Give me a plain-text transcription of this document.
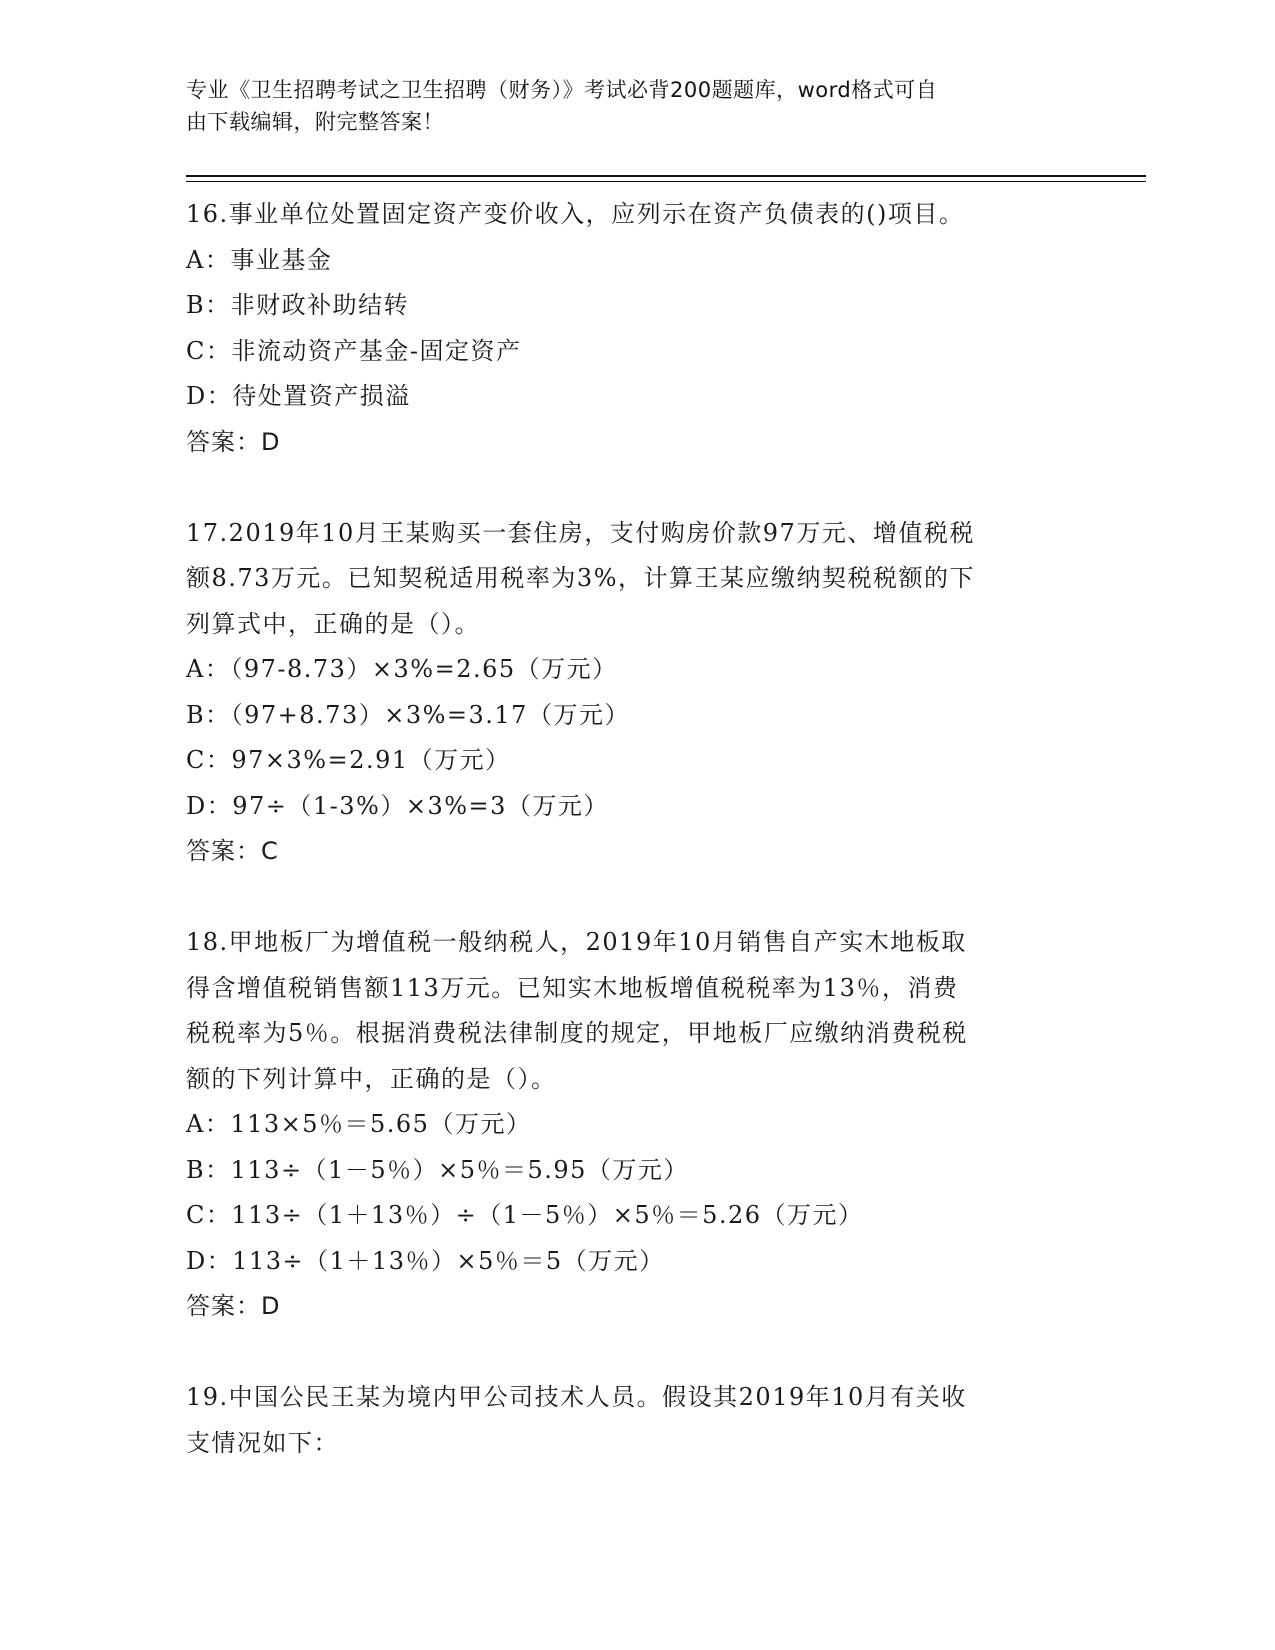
专业《卫生招聘考试之卫生招聘（财务）》考试必背200题题库，word格式可自
由下载编辑，附完整答案！
16.事业单位处置固定资产变价收入，应列示在资产负债表的()项目。
A：事业基金
B：非财政补助结转
C：非流动资产基金-固定资产
D：待处置资产损溢
答案：D
17.2019年10月王某购买一套住房，支付购房价款97万元、增值税税
额8.73万元。已知契税适用税率为3%，计算王某应缴纳契税税额的下
列算式中，正确的是（）。
A：（97-8.73）×3%=2.65（万元）
B：（97+8.73）×3%=3.17（万元）
C：97×3%=2.91（万元）
D：97÷（1-3%）×3%=3（万元）
答案：C
18.甲地板厂为增值税一般纳税人，2019年10月销售自产实木地板取
得含增值税销售额113万元。已知实木地板增值税税率为13％，消费
税税率为5％。根据消费税法律制度的规定，甲地板厂应缴纳消费税税
额的下列计算中，正确的是（）。
A：113×5％＝5.65（万元）
B：113÷（1－5％）×5％＝5.95（万元）
C：113÷（1＋13％）÷（1－5％）×5％＝5.26（万元）
D：113÷（1＋13％）×5％＝5（万元）
答案：D
19.中国公民王某为境内甲公司技术人员。假设其2019年10月有关收
支情况如下：
